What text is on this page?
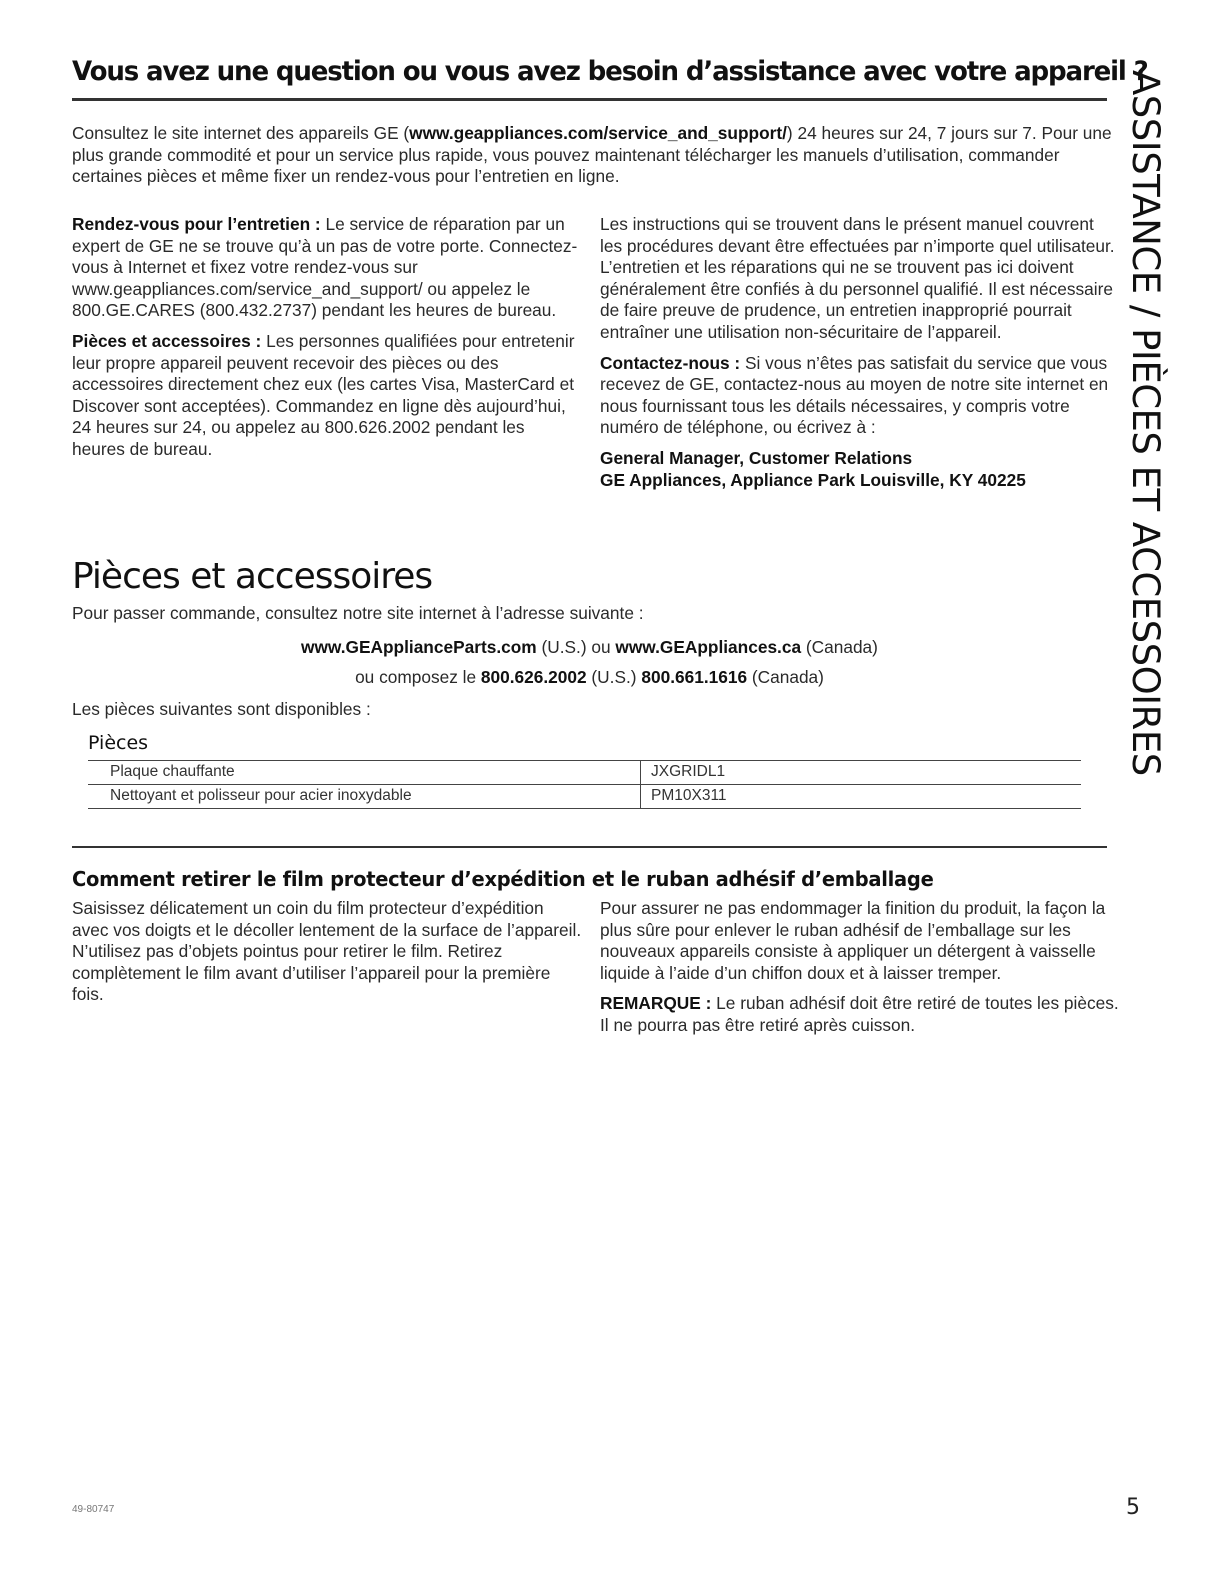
Vous avez une question ou vous avez besoin d’assistance avec votre appareil ?
Consultez le site internet des appareils GE (www.geappliances.com/service_and_support/) 24 heures sur 24, 7 jours sur 7. Pour une plus grande commodité et pour un service plus rapide, vous pouvez maintenant télécharger les manuels d’utilisation, commander certaines pièces et même fixer un rendez-vous pour l’entretien en ligne.

Rendez-vous pour l’entretien : Le service de réparation par un expert de GE ne se trouve qu’à un pas de votre porte. Connectez-vous à Internet et fixez votre rendez-vous sur www.geappliances.com/service_and_support/ ou appelez le 800.GE.CARES (800.432.2737) pendant les heures de bureau.

Pièces et accessoires : Les personnes qualifiées pour entretenir leur propre appareil peuvent recevoir des pièces ou des accessoires directement chez eux (les cartes Visa, MasterCard et Discover sont acceptées). Commandez en ligne dès aujourd’hui, 24 heures sur 24, ou appelez au 800.626.2002 pendant les heures de bureau.

Les instructions qui se trouvent dans le présent manuel couvrent les procédures devant être effectuées par n’importe quel utilisateur. L’entretien et les réparations qui ne se trouvent pas ici doivent généralement être confiés à du personnel qualifié. Il est nécessaire de faire preuve de prudence, un entretien inapproprié pourrait entraîner une utilisation non-sécuritaire de l’appareil.

Contactez-nous : Si vous n’êtes pas satisfait du service que vous recevez de GE, contactez-nous au moyen de notre site internet en nous fournissant tous les détails nécessaires, y compris votre numéro de téléphone, ou écrivez à :

General Manager, Customer Relations
GE Appliances, Appliance Park Louisville, KY 40225

Pièces et accessoires
Pour passer commande, consultez notre site internet à l’adresse suivante :
www.GEApplianceParts.com (U.S.) ou www.GEAppliances.ca (Canada)
ou composez le 800.626.2002 (U.S.) 800.661.1616 (Canada)
Les pièces suivantes sont disponibles :
Pièces
Plaque chauffante	JXGRIDL1
Nettoyant et polisseur pour acier inoxydable	PM10X311
Comment retirer le film protecteur d’expédition et le ruban adhésif d’emballage

Saisissez délicatement un coin du film protecteur d’expédition avec vos doigts et le décoller lentement de la surface de l’appareil. N’utilisez pas d’objets pointus pour retirer le film. Retirez complètement le film avant d’utiliser l’appareil pour la première fois.

Pour assurer ne pas endommager la finition du produit, la façon la plus sûre pour enlever le ruban adhésif de l’emballage sur les nouveaux appareils consiste à appliquer un détergent à vaisselle liquide à l’aide d’un chiffon doux et à laisser tremper.

REMARQUE : Le ruban adhésif doit être retiré de toutes les pièces. Il ne pourra pas être retiré après cuisson.

ASSISTANCE / PIÈCES ET ACCESSOIRES
49-80747	5
